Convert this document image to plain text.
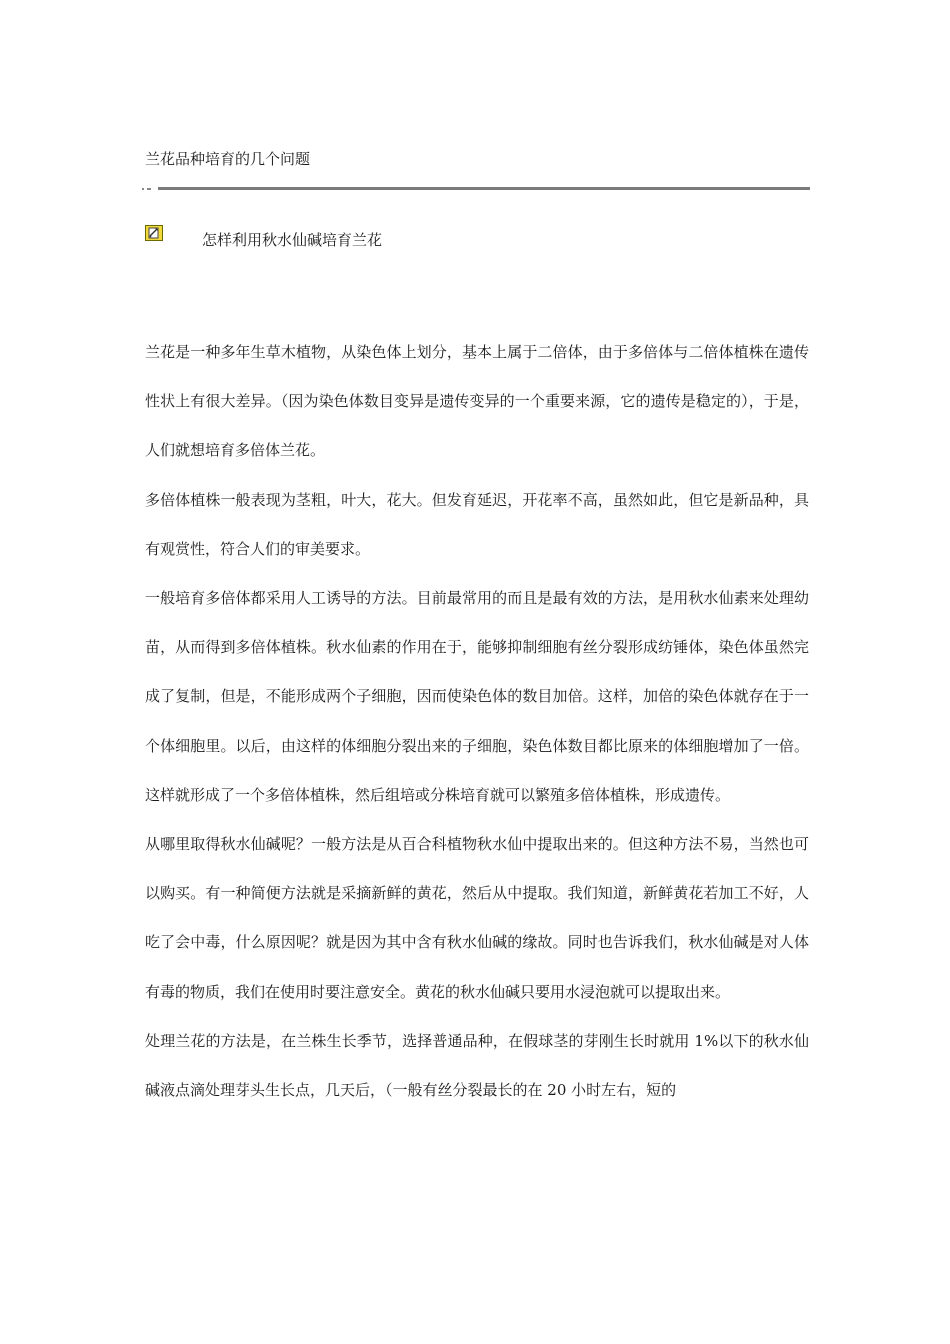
兰花品种培育的几个问题
怎样利用秋水仙碱培育兰花

兰花是一种多年生草木植物，从染色体上划分，基本上属于二倍体，由于多倍体与二倍体植株在遗传性状上有很大差异。（因为染色体数目变异是遗传变异的一个重要来源，它的遗传是稳定的），于是，人们就想培育多倍体兰花。

多倍体植株一般表现为茎粗，叶大，花大。但发育延迟，开花率不高，虽然如此，但它是新品种，具有观赏性，符合人们的审美要求。

一般培育多倍体都采用人工诱导的方法。目前最常用的而且是最有效的方法，是用秋水仙素来处理幼苗，从而得到多倍体植株。秋水仙素的作用在于，能够抑制细胞有丝分裂形成纺锤体，染色体虽然完成了复制，但是，不能形成两个子细胞，因而使染色体的数目加倍。这样，加倍的染色体就存在于一个体细胞里。以后，由这样的体细胞分裂出来的子细胞，染色体数目都比原来的体细胞增加了一倍。这样就形成了一个多倍体植株，然后组培或分株培育就可以繁殖多倍体植株，形成遗传。

从哪里取得秋水仙碱呢？一般方法是从百合科植物秋水仙中提取出来的。但这种方法不易，当然也可以购买。有一种简便方法就是采摘新鲜的黄花，然后从中提取。我们知道，新鲜黄花若加工不好，人吃了会中毒，什么原因呢？就是因为其中含有秋水仙碱的缘故。同时也告诉我们，秋水仙碱是对人体有毒的物质，我们在使用时要注意安全。黄花的秋水仙碱只要用水浸泡就可以提取出来。

处理兰花的方法是，在兰株生长季节，选择普通品种，在假球茎的芽刚生长时就用 1%以下的秋水仙碱液点滴处理芽头生长点，几天后，（一般有丝分裂最长的在 20 小时左右，短的
